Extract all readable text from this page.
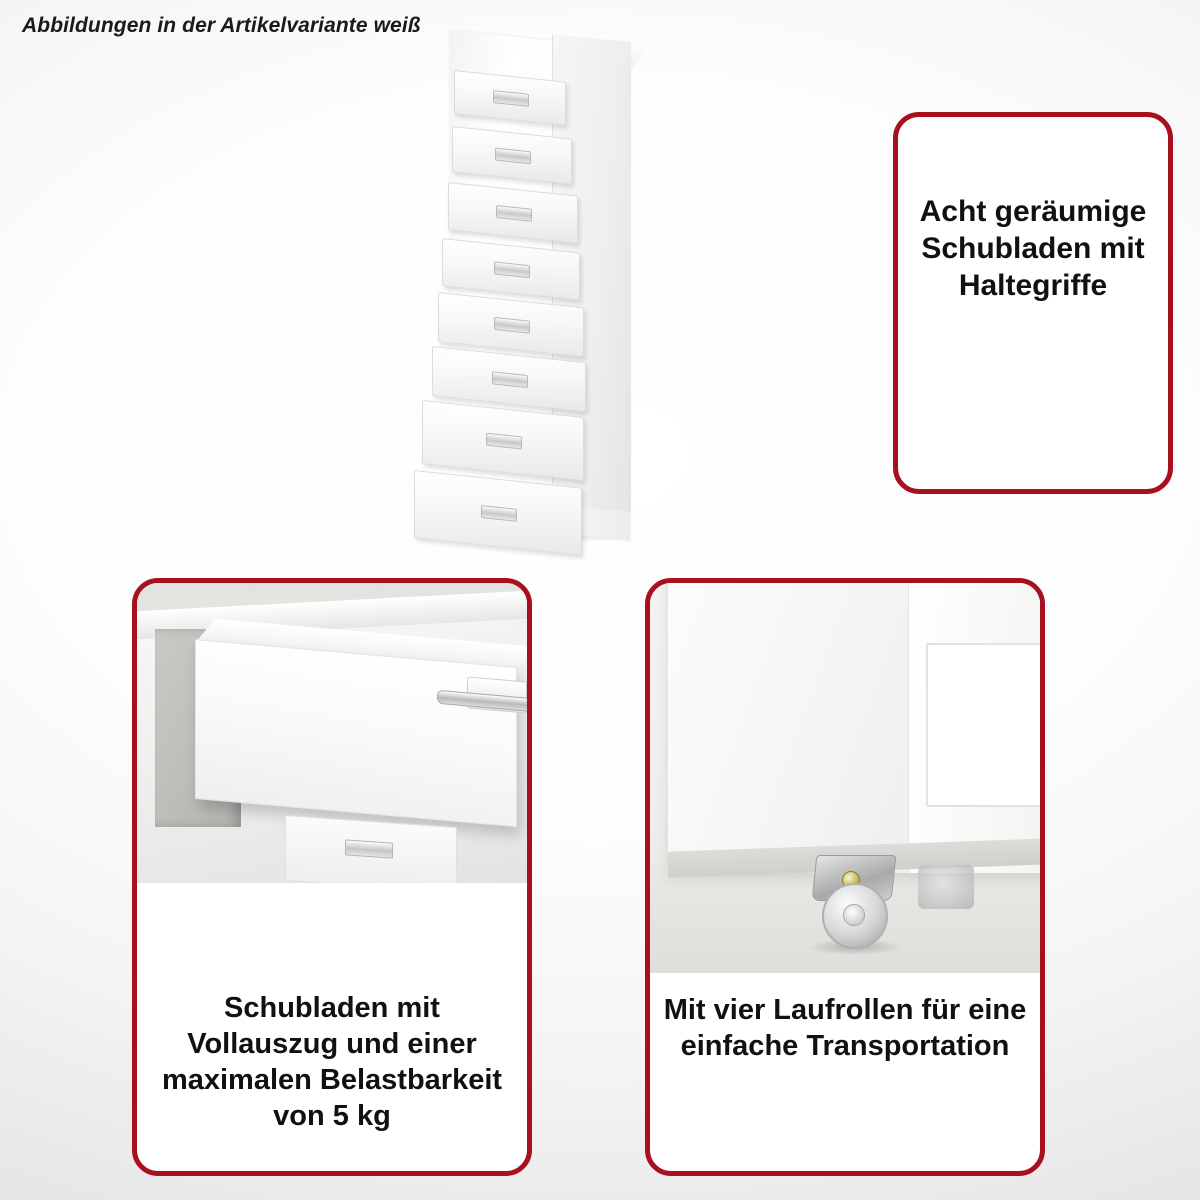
Abbildungen in der Artikelvariante weiß
Acht geräumige Schubladen mit Haltegriffe
Schubladen mit Vollauszug und einer maximalen Belastbarkeit von 5 kg
Mit vier Laufrollen für eine einfache Transportation
